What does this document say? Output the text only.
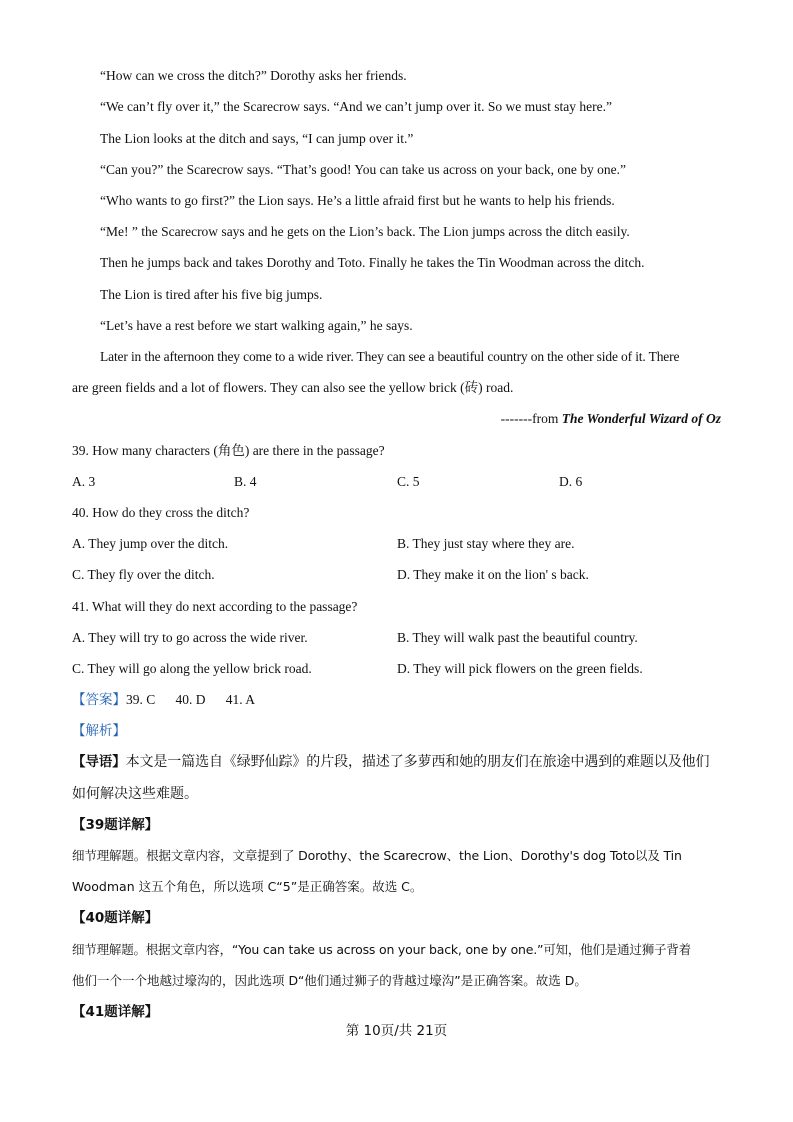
“How can we cross the ditch?” Dorothy asks her friends.
“We can’t fly over it,” the Scarecrow says. “And we can’t jump over it. So we must stay here.”
The Lion looks at the ditch and says, “I can jump over it.”
“Can you?” the Scarecrow says. “That’s good! You can take us across on your back, one by one.”
“Who wants to go first?” the Lion says. He’s a little afraid first but he wants to help his friends.
“Me! ” the Scarecrow says and he gets on the Lion’s back. The Lion jumps across the ditch easily.
Then he jumps back and takes Dorothy and Toto. Finally he takes the Tin Woodman across the ditch.
The Lion is tired after his five big jumps.
“Let’s have a rest before we start walking again,” he says.
Later in the afternoon they come to a wide river. They can see a beautiful country on the other side of it. There
are green fields and a lot of flowers. They can also see the yellow brick (砖) road.
-------from The Wonderful Wizard of Oz
39. How many characters (角色) are there in the passage?
A. 3	B. 4	C. 5	D. 6
40. How do they cross the ditch?
A. They jump over the ditch.	B. They just stay where they are.
C. They fly over the ditch.	D. They make it on the lion' s back.
41. What will they do next according to the passage?
A. They will try to go across the wide river.	B. They will walk past the beautiful country.
C. They will go along the yellow brick road.	D. They will pick flowers on the green fields.
【答案】39. C      40. D      41. A
【解析】
【导语】本文是一篇选自《绿野仙踪》的片段，描述了多萝西和她的朋友们在旅途中遇到的难题以及他们
如何解决这些难题。
【39题详解】
细节理解题。根据文章内容，文章提到了 Dorothy、the Scarecrow、the Lion、Dorothy's dog Toto以及 Tin
Woodman 这五个角色，所以选项 C“5”是正确答案。故选 C。
【40题详解】
细节理解题。根据文章内容，“You can take us across on your back, one by one.”可知，他们是通过狮子背着
他们一个一个地越过壕沟的，因此选项 D“他们通过狮子的背越过壕沟”是正确答案。故选 D。
【41题详解】
第 10页/共 21页
